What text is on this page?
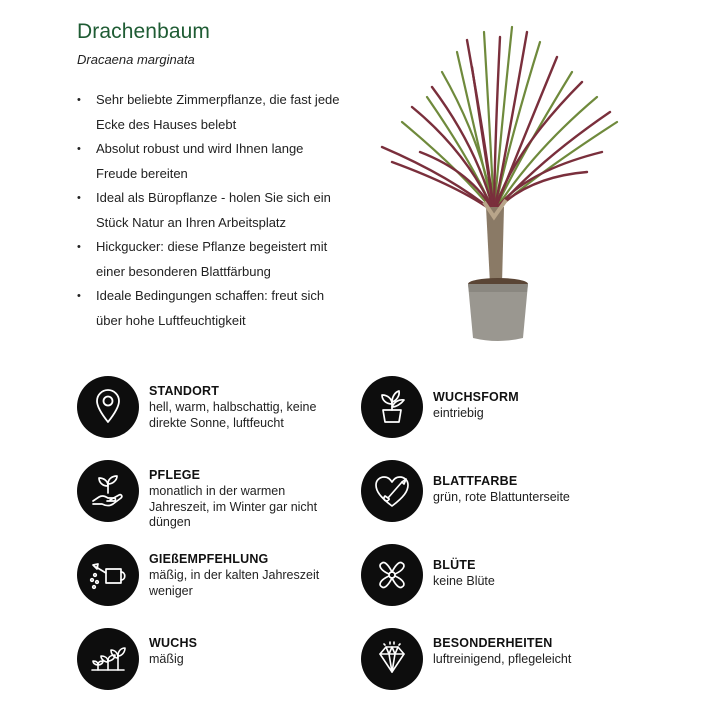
Drachenbaum
Dracaena marginata
• Sehr beliebte Zimmerpflanze, die fast jede
Ecke des Hauses belebt
• Absolut robust und wird Ihnen lange
Freude bereiten
• Ideal als Büropflanze - holen Sie sich ein
Stück Natur an Ihren Arbeitsplatz
• Hickgucker: diese Pflanze begeistert mit
einer besonderen Blattfärbung
• Ideale Bedingungen schaffen: freut sich
über hohe Luftfeuchtigkeit
STANDORT
hell, warm, halbschattig, keine
direkte Sonne, luftfeucht
PFLEGE
monatlich in der warmen
Jahreszeit, im Winter gar nicht
düngen
GIEßEMPFEHLUNG
mäßig, in der kalten Jahreszeit
weniger
WUCHS
mäßig
WUCHSFORM
eintriebig
BLATTFARBE
grün, rote Blattunterseite
BLÜTE
keine Blüte
BESONDERHEITEN
luftreinigend, pflegeleicht
